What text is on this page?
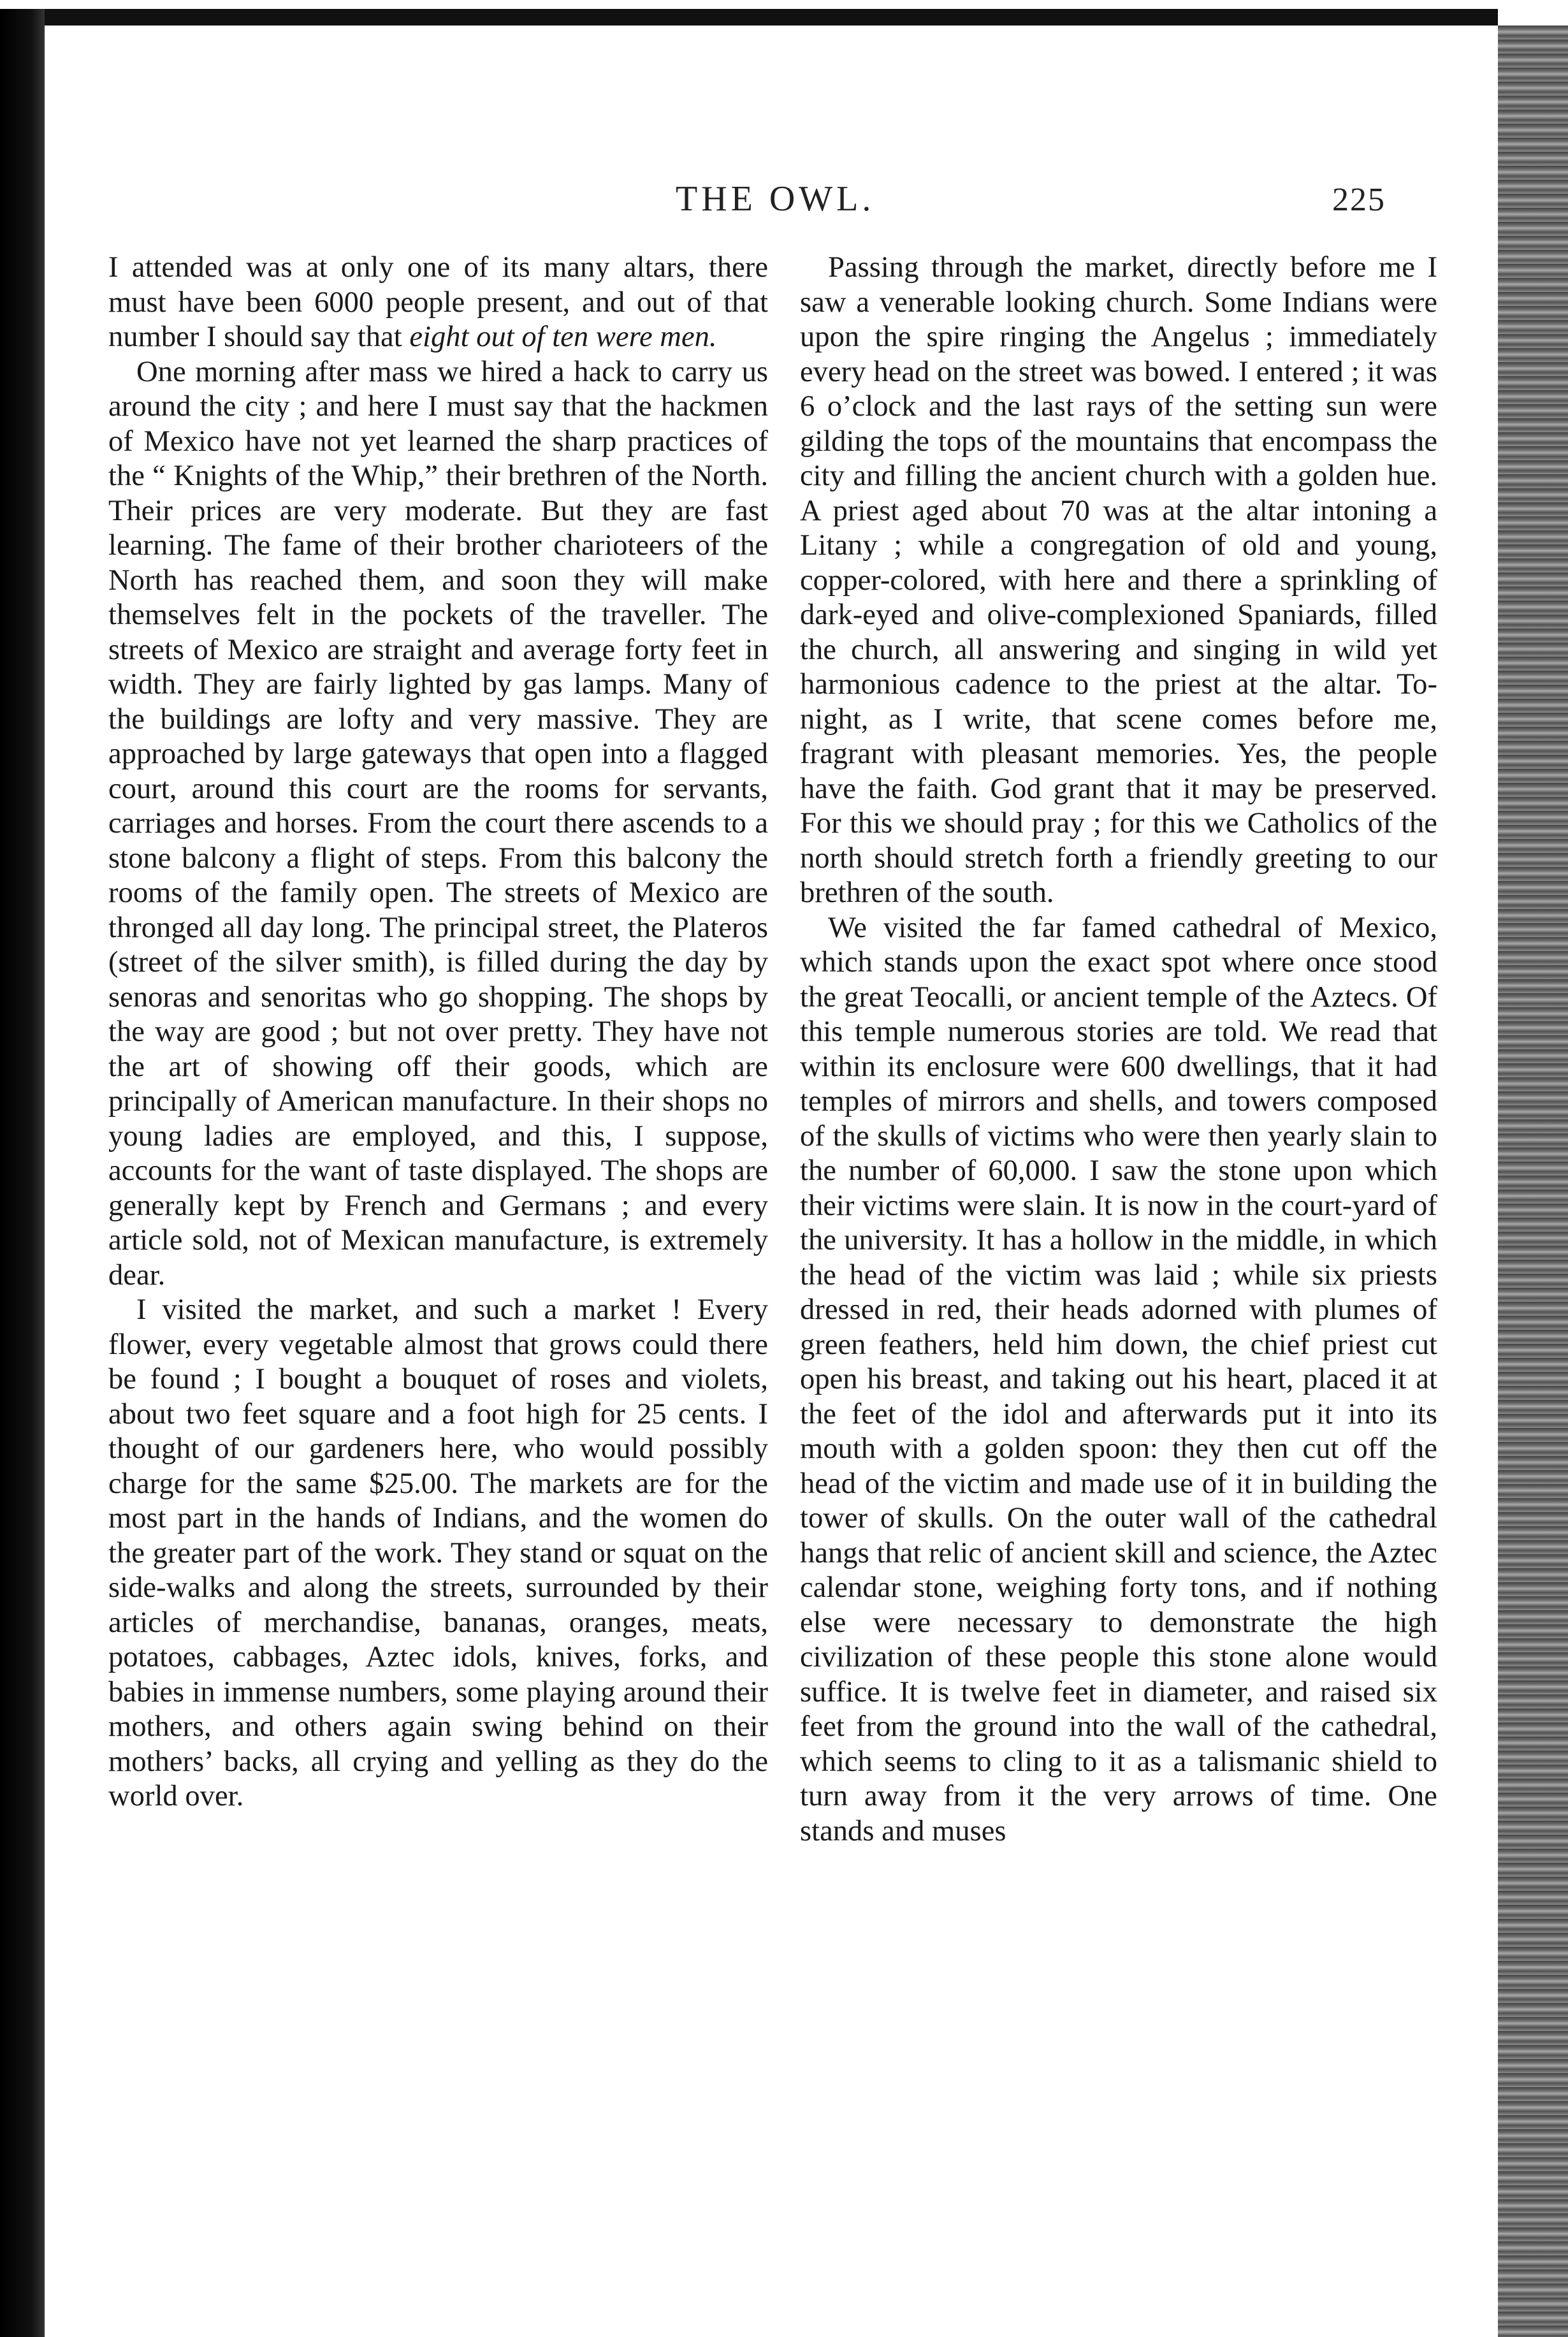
THE OWL.	225

I attended was at only one of its many altars, there must have been 6000 people present, and out of that number I should say that eight out of ten were men.

One morning after mass we hired a hack to carry us around the city ; and here I must say that the hackmen of Mexico have not yet learned the sharp practices of the “ Knights of the Whip,” their brethren of the North. Their prices are very moderate. But they are fast learning. The fame of their brother charioteers of the North has reached them, and soon they will make themselves felt in the pockets of the traveller. The streets of Mexico are straight and average forty feet in width. They are fairly lighted by gas lamps. Many of the buildings are lofty and very massive. They are approached by large gateways that open into a flagged court, around this court are the rooms for servants, carriages and horses. From the court there ascends to a stone balcony a flight of steps. From this balcony the rooms of the family open. The streets of Mexico are thronged all day long. The principal street, the Plateros (street of the silver smith), is filled during the day by senoras and senoritas who go shopping. The shops by the way are good ; but not over pretty. They have not the art of showing off their goods, which are principally of American manufacture. In their shops no young ladies are employed, and this, I suppose, accounts for the want of taste displayed. The shops are generally kept by French and Germans ; and every article sold, not of Mexican manufacture, is extremely dear.

I visited the market, and such a market ! Every flower, every vegetable almost that grows could there be found ; I bought a bouquet of roses and violets, about two feet square and a foot high for 25 cents. I thought of our gardeners here, who would possibly charge for the same $25.00. The markets are for the most part in the hands of Indians, and the women do the greater part of the work. They stand or squat on the side-walks and along the streets, surrounded by their articles of merchandise, bananas, oranges, meats, potatoes, cabbages, Aztec idols, knives, forks, and babies in immense numbers, some playing around their mothers, and others again swing behind on their mothers’ backs, all crying and yelling as they do the world over.

Passing through the market, directly before me I saw a venerable looking church. Some Indians were upon the spire ringing the Angelus ; immediately every head on the street was bowed. I entered ; it was 6 o’clock and the last rays of the setting sun were gilding the tops of the mountains that encompass the city and filling the ancient church with a golden hue. A priest aged about 70 was at the altar intoning a Litany ; while a congregation of old and young, copper-colored, with here and there a sprinkling of dark-eyed and olive-complexioned Spaniards, filled the church, all answering and singing in wild yet harmonious cadence to the priest at the altar. To-night, as I write, that scene comes before me, fragrant with pleasant memories. Yes, the people have the faith. God grant that it may be preserved. For this we should pray ; for this we Catholics of the north should stretch forth a friendly greeting to our brethren of the south.

We visited the far famed cathedral of Mexico, which stands upon the exact spot where once stood the great Teocalli, or ancient temple of the Aztecs. Of this temple numerous stories are told. We read that within its enclosure were 600 dwellings, that it had temples of mirrors and shells, and towers composed of the skulls of victims who were then yearly slain to the number of 60,000. I saw the stone upon which their victims were slain. It is now in the court-yard of the university. It has a hollow in the middle, in which the head of the victim was laid ; while six priests dressed in red, their heads adorned with plumes of green feathers, held him down, the chief priest cut open his breast, and taking out his heart, placed it at the feet of the idol and afterwards put it into its mouth with a golden spoon: they then cut off the head of the victim and made use of it in building the tower of skulls. On the outer wall of the cathedral hangs that relic of ancient skill and science, the Aztec calendar stone, weighing forty tons, and if nothing else were necessary to demonstrate the high civilization of these people this stone alone would suffice. It is twelve feet in diameter, and raised six feet from the ground into the wall of the cathedral, which seems to cling to it as a talismanic shield to turn away from it the very arrows of time. One stands and muses
